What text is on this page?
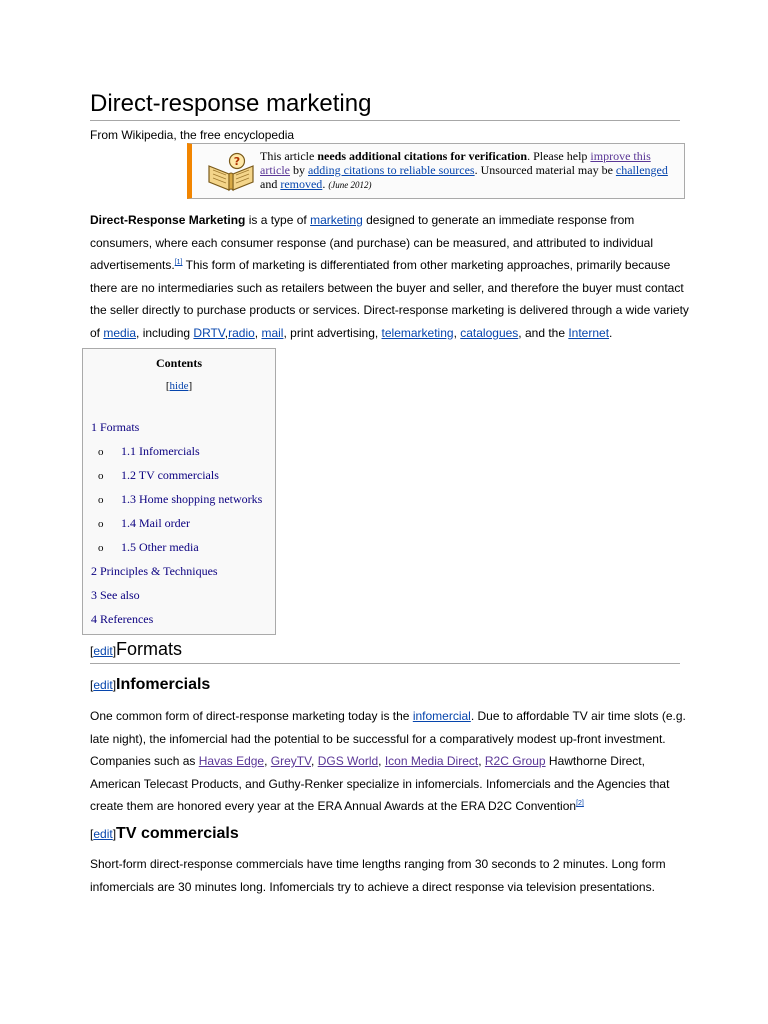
Direct-response marketing
From Wikipedia, the free encyclopedia
? This article needs additional citations for verification. Please help improve this article by adding citations to reliable sources. Unsourced material may be challenged and removed. (June 2012)

Direct-Response Marketing is a type of marketing designed to generate an immediate response from consumers, where each consumer response (and purchase) can be measured, and attributed to individual advertisements.[1] This form of marketing is differentiated from other marketing approaches, primarily because there are no intermediaries such as retailers between the buyer and seller, and therefore the buyer must contact the seller directly to purchase products or services. Direct-response marketing is delivered through a wide variety of media, including DRTV,radio, mail, print advertising, telemarketing, catalogues, and the Internet.

Contents
[hide]
1 Formats
o 1.1 Infomercials
o 1.2 TV commercials
o 1.3 Home shopping networks
o 1.4 Mail order
o 1.5 Other media
2 Principles & Techniques
3 See also
4 References
[edit]Formats
[edit]Infomercials

One common form of direct-response marketing today is the infomercial. Due to affordable TV air time slots (e.g. late night), the infomercial had the potential to be successful for a comparatively modest up-front investment. Companies such as Havas Edge, GreyTV, DGS World, Icon Media Direct, R2C Group Hawthorne Direct, American Telecast Products, and Guthy-Renker specialize in infomercials. Infomercials and the Agencies that create them are honored every year at the ERA Annual Awards at the ERA D2C Convention[2]

[edit]TV commercials

Short-form direct-response commercials have time lengths ranging from 30 seconds to 2 minutes. Long form infomercials are 30 minutes long. Infomercials try to achieve a direct response via television presentations.
